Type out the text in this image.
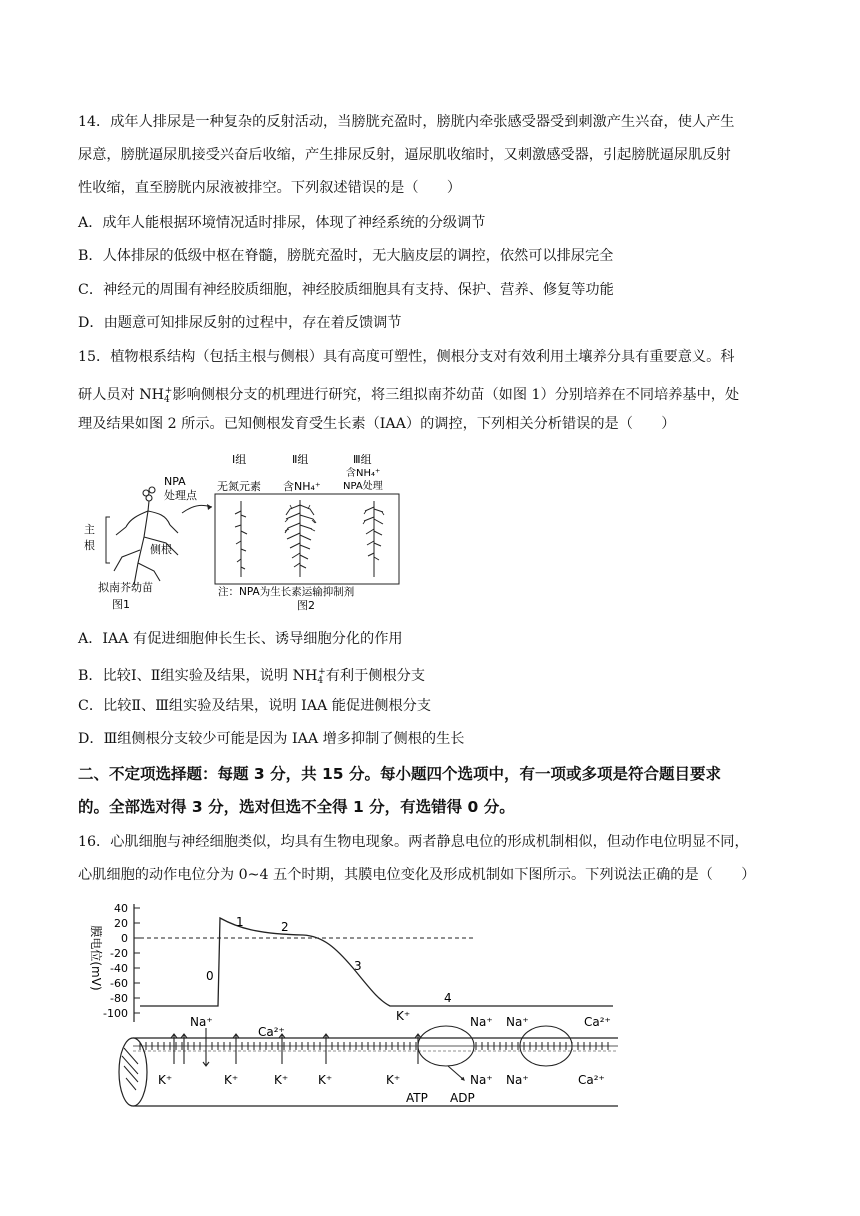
14．成年人排尿是一种复杂的反射活动，当膀胱充盈时，膀胱内牵张感受器受到刺激产生兴奋，使人产生
尿意，膀胱逼尿肌接受兴奋后收缩，产生排尿反射，逼尿肌收缩时，又刺激感受器，引起膀胱逼尿肌反射
性收缩，直至膀胱内尿液被排空。下列叙述错误的是（　　）
A．成年人能根据环境情况适时排尿，体现了神经系统的分级调节
B．人体排尿的低级中枢在脊髓，膀胱充盈时，无大脑皮层的调控，依然可以排尿完全
C．神经元的周围有神经胶质细胞，神经胶质细胞具有支持、保护、营养、修复等功能
D．由题意可知排尿反射的过程中，存在着反馈调节
15．植物根系结构（包括主根与侧根）具有高度可塑性，侧根分支对有效利用土壤养分具有重要意义。科
研人员对 $NH_4^+$影响侧根分支的机理进行研究，将三组拟南芥幼苗（如图 1）分别培养在不同培养基中，处
理及结果如图 2 所示。已知侧根发育受生长素（IAA）的调控，下列相关分析错误的是（　　）
NPA
处理点
主
根	侧根
拟南芥幼苗
图1
Ⅰ组
无氮元素
Ⅱ组
含NH₄⁺
Ⅲ组
含NH₄⁺
NPA处理
注：NPA为生长素运输抑制剂
图2
A．IAA 有促进细胞伸长生长、诱导细胞分化的作用
B．比较Ⅰ、Ⅱ组实验及结果，说明 $NH_4^+$有利于侧根分支
C．比较Ⅱ、Ⅲ组实验及结果，说明 IAA 能促进侧根分支
D．Ⅲ组侧根分支较少可能是因为 IAA 增多抑制了侧根的生长
二、不定项选择题：每题 3 分，共 15 分。每小题四个选项中，有一项或多项是符合题目要求
的。全部选对得 3 分，选对但选不全得 1 分，有选错得 0 分。
16．心肌细胞与神经细胞类似，均具有生物电现象。两者静息电位的形成机制相似，但动作电位明显不同，
心肌细胞的动作电位分为 0~4 五个时期，其膜电位变化及形成机制如下图所示。下列说法正确的是（　　）
膜电位(mV)
40
20
0
-20
-40
-60
-80
-100
0
1	2
3
4
Na⁺
Ca²⁺
K⁺	K⁺	K⁺ K⁺
K⁺
K⁺
Na⁺
Na⁺
Na⁺
Na⁺
Ca²⁺
Ca²⁺
ATP ADP
